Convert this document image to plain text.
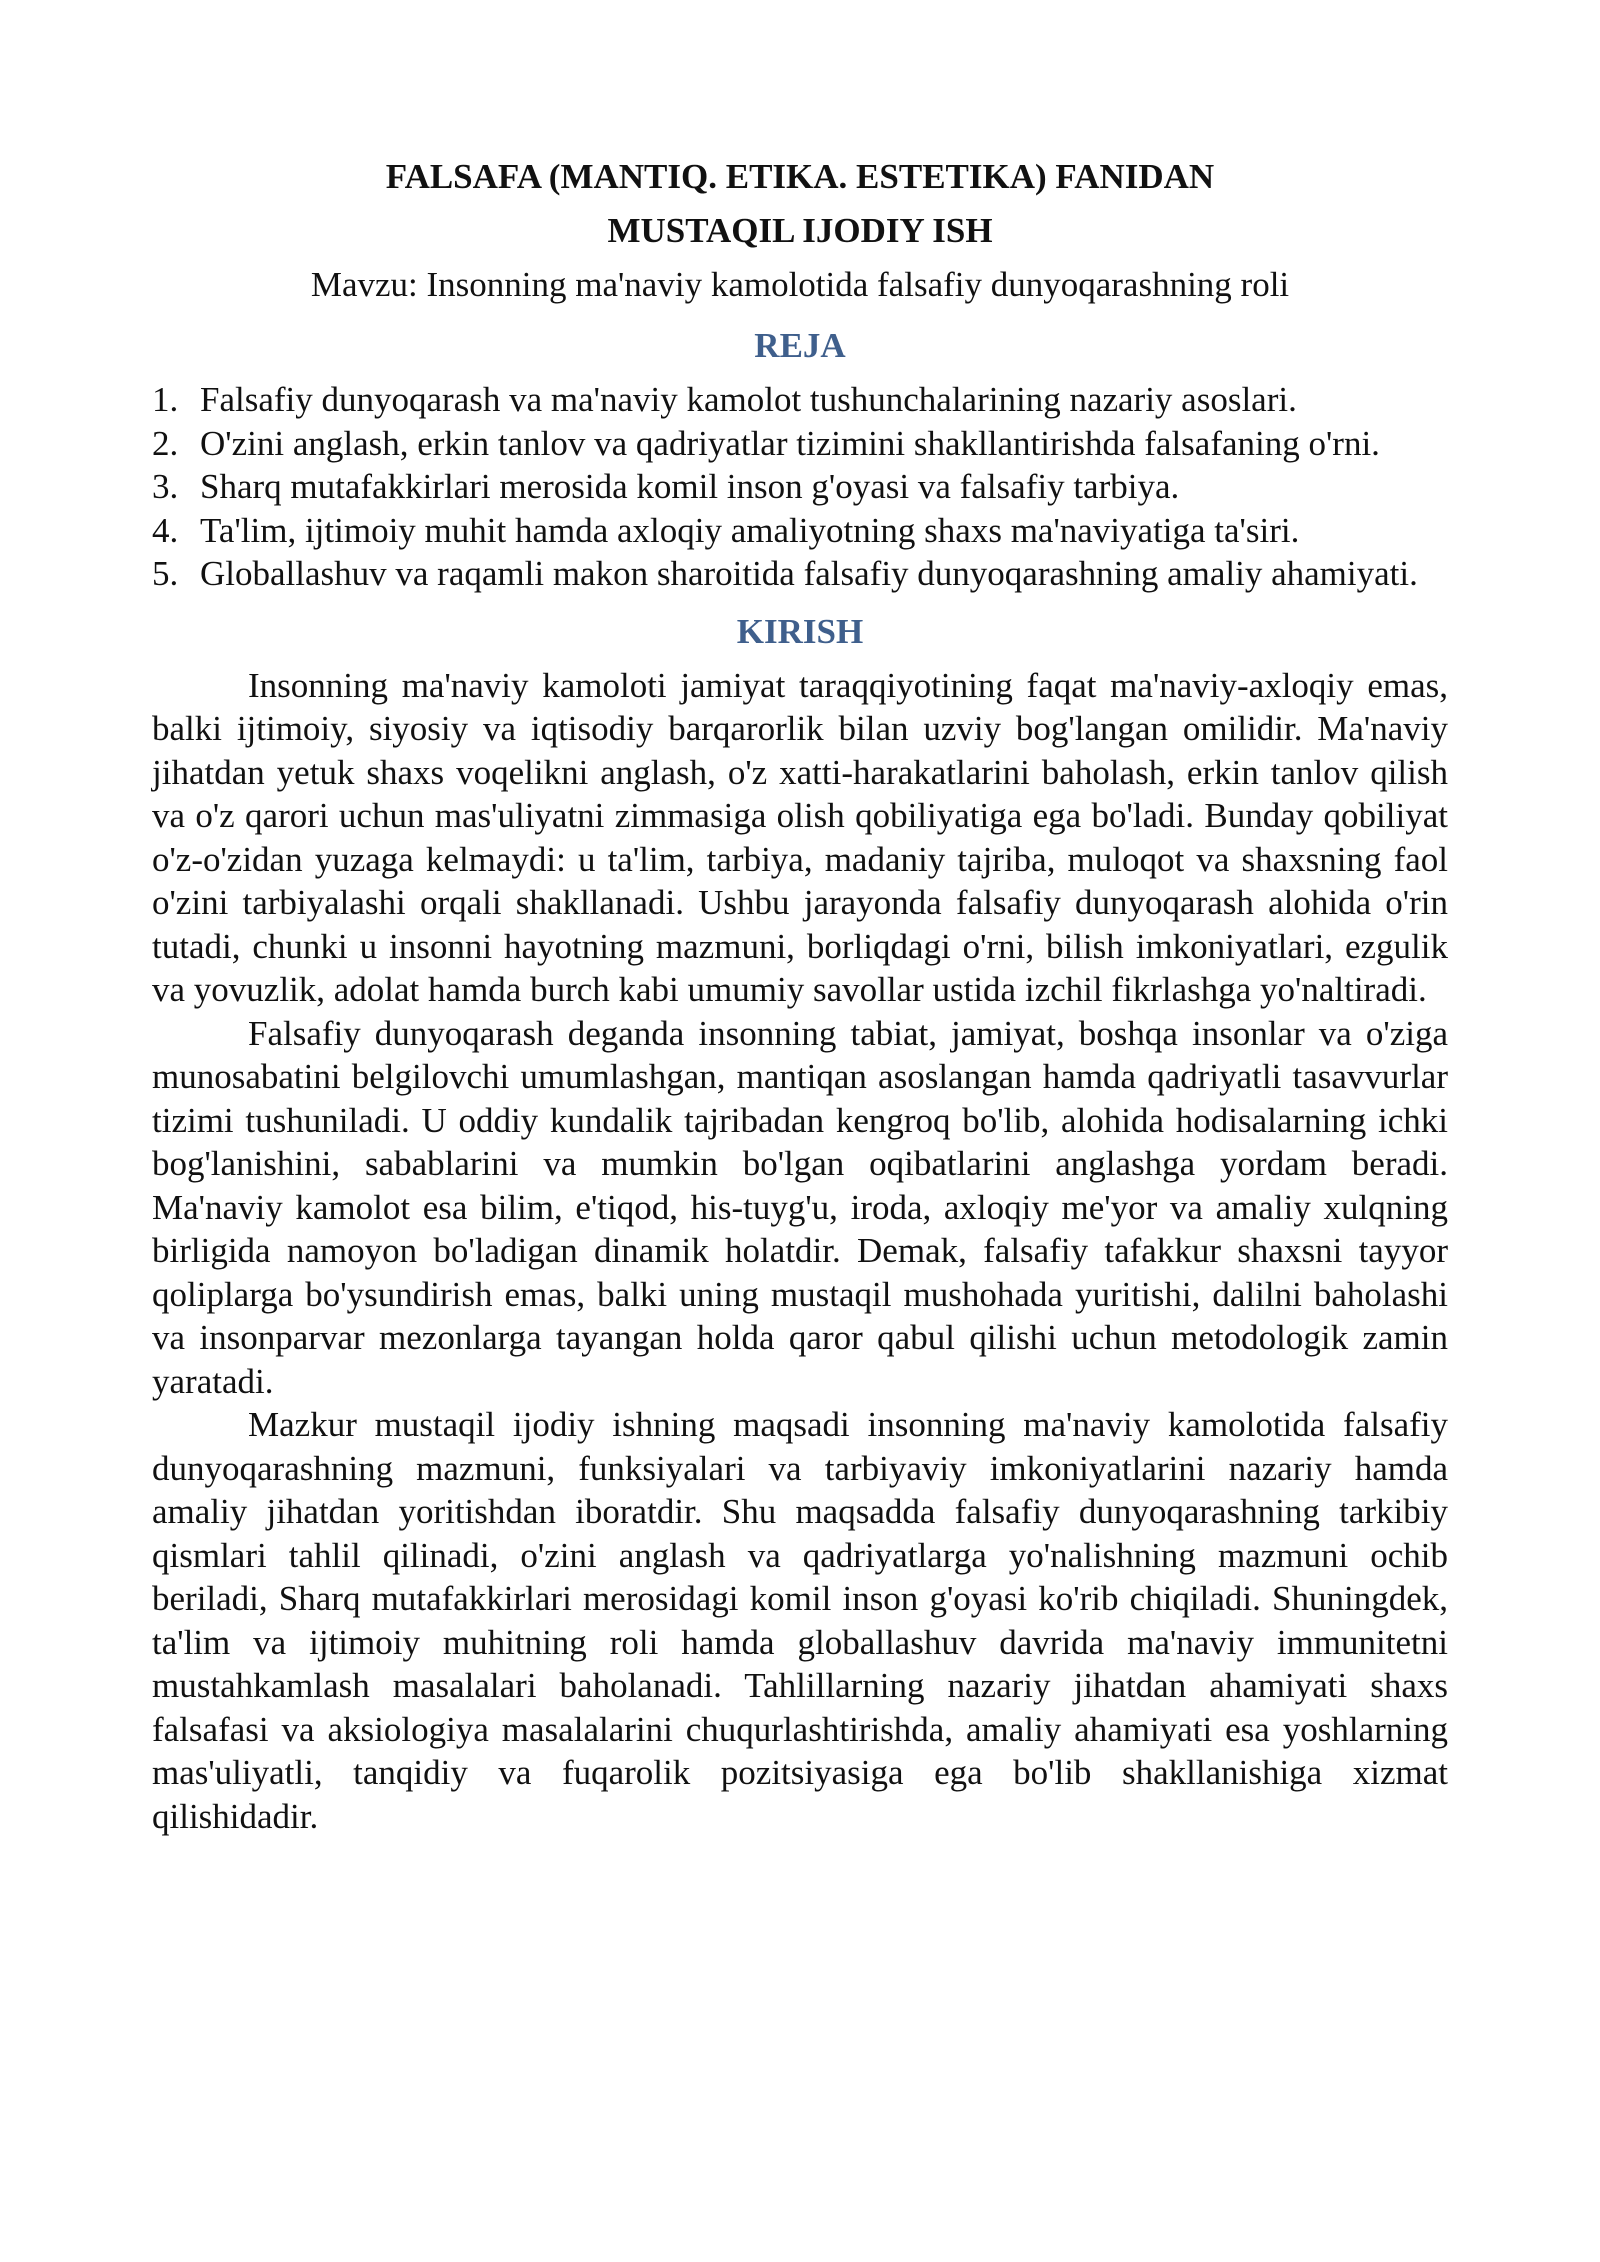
FALSAFA (MANTIQ. ETIKA. ESTETIKA) FANIDAN

MUSTAQIL IJODIY ISH

Mavzu: Insonning ma'naviy kamolotida falsafiy dunyoqarashning roli

REJA

1. Falsafiy dunyoqarash va ma'naviy kamolot tushunchalarining nazariy asoslari.
2. O'zini anglash, erkin tanlov va qadriyatlar tizimini shakllantirishda falsafaning o'rni.
3. Sharq mutafakkirlari merosida komil inson g'oyasi va falsafiy tarbiya.
4. Ta'lim, ijtimoiy muhit hamda axloqiy amaliyotning shaxs ma'naviyatiga ta'siri.
5. Globallashuv va raqamli makon sharoitida falsafiy dunyoqarashning amaliy ahamiyati.

KIRISH

Insonning ma'naviy kamoloti jamiyat taraqqiyotining faqat ma'naviy-axloqiy emas, balki ijtimoiy, siyosiy va iqtisodiy barqarorlik bilan uzviy bog'langan omilidir. Ma'naviy jihatdan yetuk shaxs voqelikni anglash, o'z xatti-harakatlarini baholash, erkin tanlov qilish va o'z qarori uchun mas'uliyatni zimmasiga olish qobiliyatiga ega bo'ladi. Bunday qobiliyat o'z-o'zidan yuzaga kelmaydi: u ta'lim, tarbiya, madaniy tajriba, muloqot va shaxsning faol o'zini tarbiyalashi orqali shakllanadi. Ushbu jarayonda falsafiy dunyoqarash alohida o'rin tutadi, chunki u insonni hayotning mazmuni, borliqdagi o'rni, bilish imkoniyatlari, ezgulik va yovuzlik, adolat hamda burch kabi umumiy savollar ustida izchil fikrlashga yo'naltiradi.

Falsafiy dunyoqarash deganda insonning tabiat, jamiyat, boshqa insonlar va o'ziga munosabatini belgilovchi umumlashgan, mantiqan asoslangan hamda qadriyatli tasavvurlar tizimi tushuniladi. U oddiy kundalik tajribadan kengroq bo'lib, alohida hodisalarning ichki bog'lanishini, sabablarini va mumkin bo'lgan oqibatlarini anglashga yordam beradi. Ma'naviy kamolot esa bilim, e'tiqod, his-tuyg'u, iroda, axloqiy me'yor va amaliy xulqning birligida namoyon bo'ladigan dinamik holatdir. Demak, falsafiy tafakkur shaxsni tayyor qoliplarga bo'ysundirish emas, balki uning mustaqil mushohada yuritishi, dalilni baholashi va insonparvar mezonlarga tayangan holda qaror qabul qilishi uchun metodologik zamin yaratadi.

Mazkur mustaqil ijodiy ishning maqsadi insonning ma'naviy kamolotida falsafiy dunyoqarashning mazmuni, funksiyalari va tarbiyaviy imkoniyatlarini nazariy hamda amaliy jihatdan yoritishdan iboratdir. Shu maqsadda falsafiy dunyoqarashning tarkibiy qismlari tahlil qilinadi, o'zini anglash va qadriyatlarga yo'nalishning mazmuni ochib beriladi, Sharq mutafakkirlari merosidagi komil inson g'oyasi ko'rib chiqiladi. Shuningdek, ta'lim va ijtimoiy muhitning roli hamda globallashuv davrida ma'naviy immunitetni mustahkamlash masalalari baholanadi. Tahlillarning nazariy jihatdan ahamiyati shaxs falsafasi va aksiologiya masalalarini chuqurlashtirishda, amaliy ahamiyati esa yoshlarning mas'uliyatli, tanqidiy va fuqarolik pozitsiyasiga ega bo'lib shakllanishiga xizmat qilishidadir.
